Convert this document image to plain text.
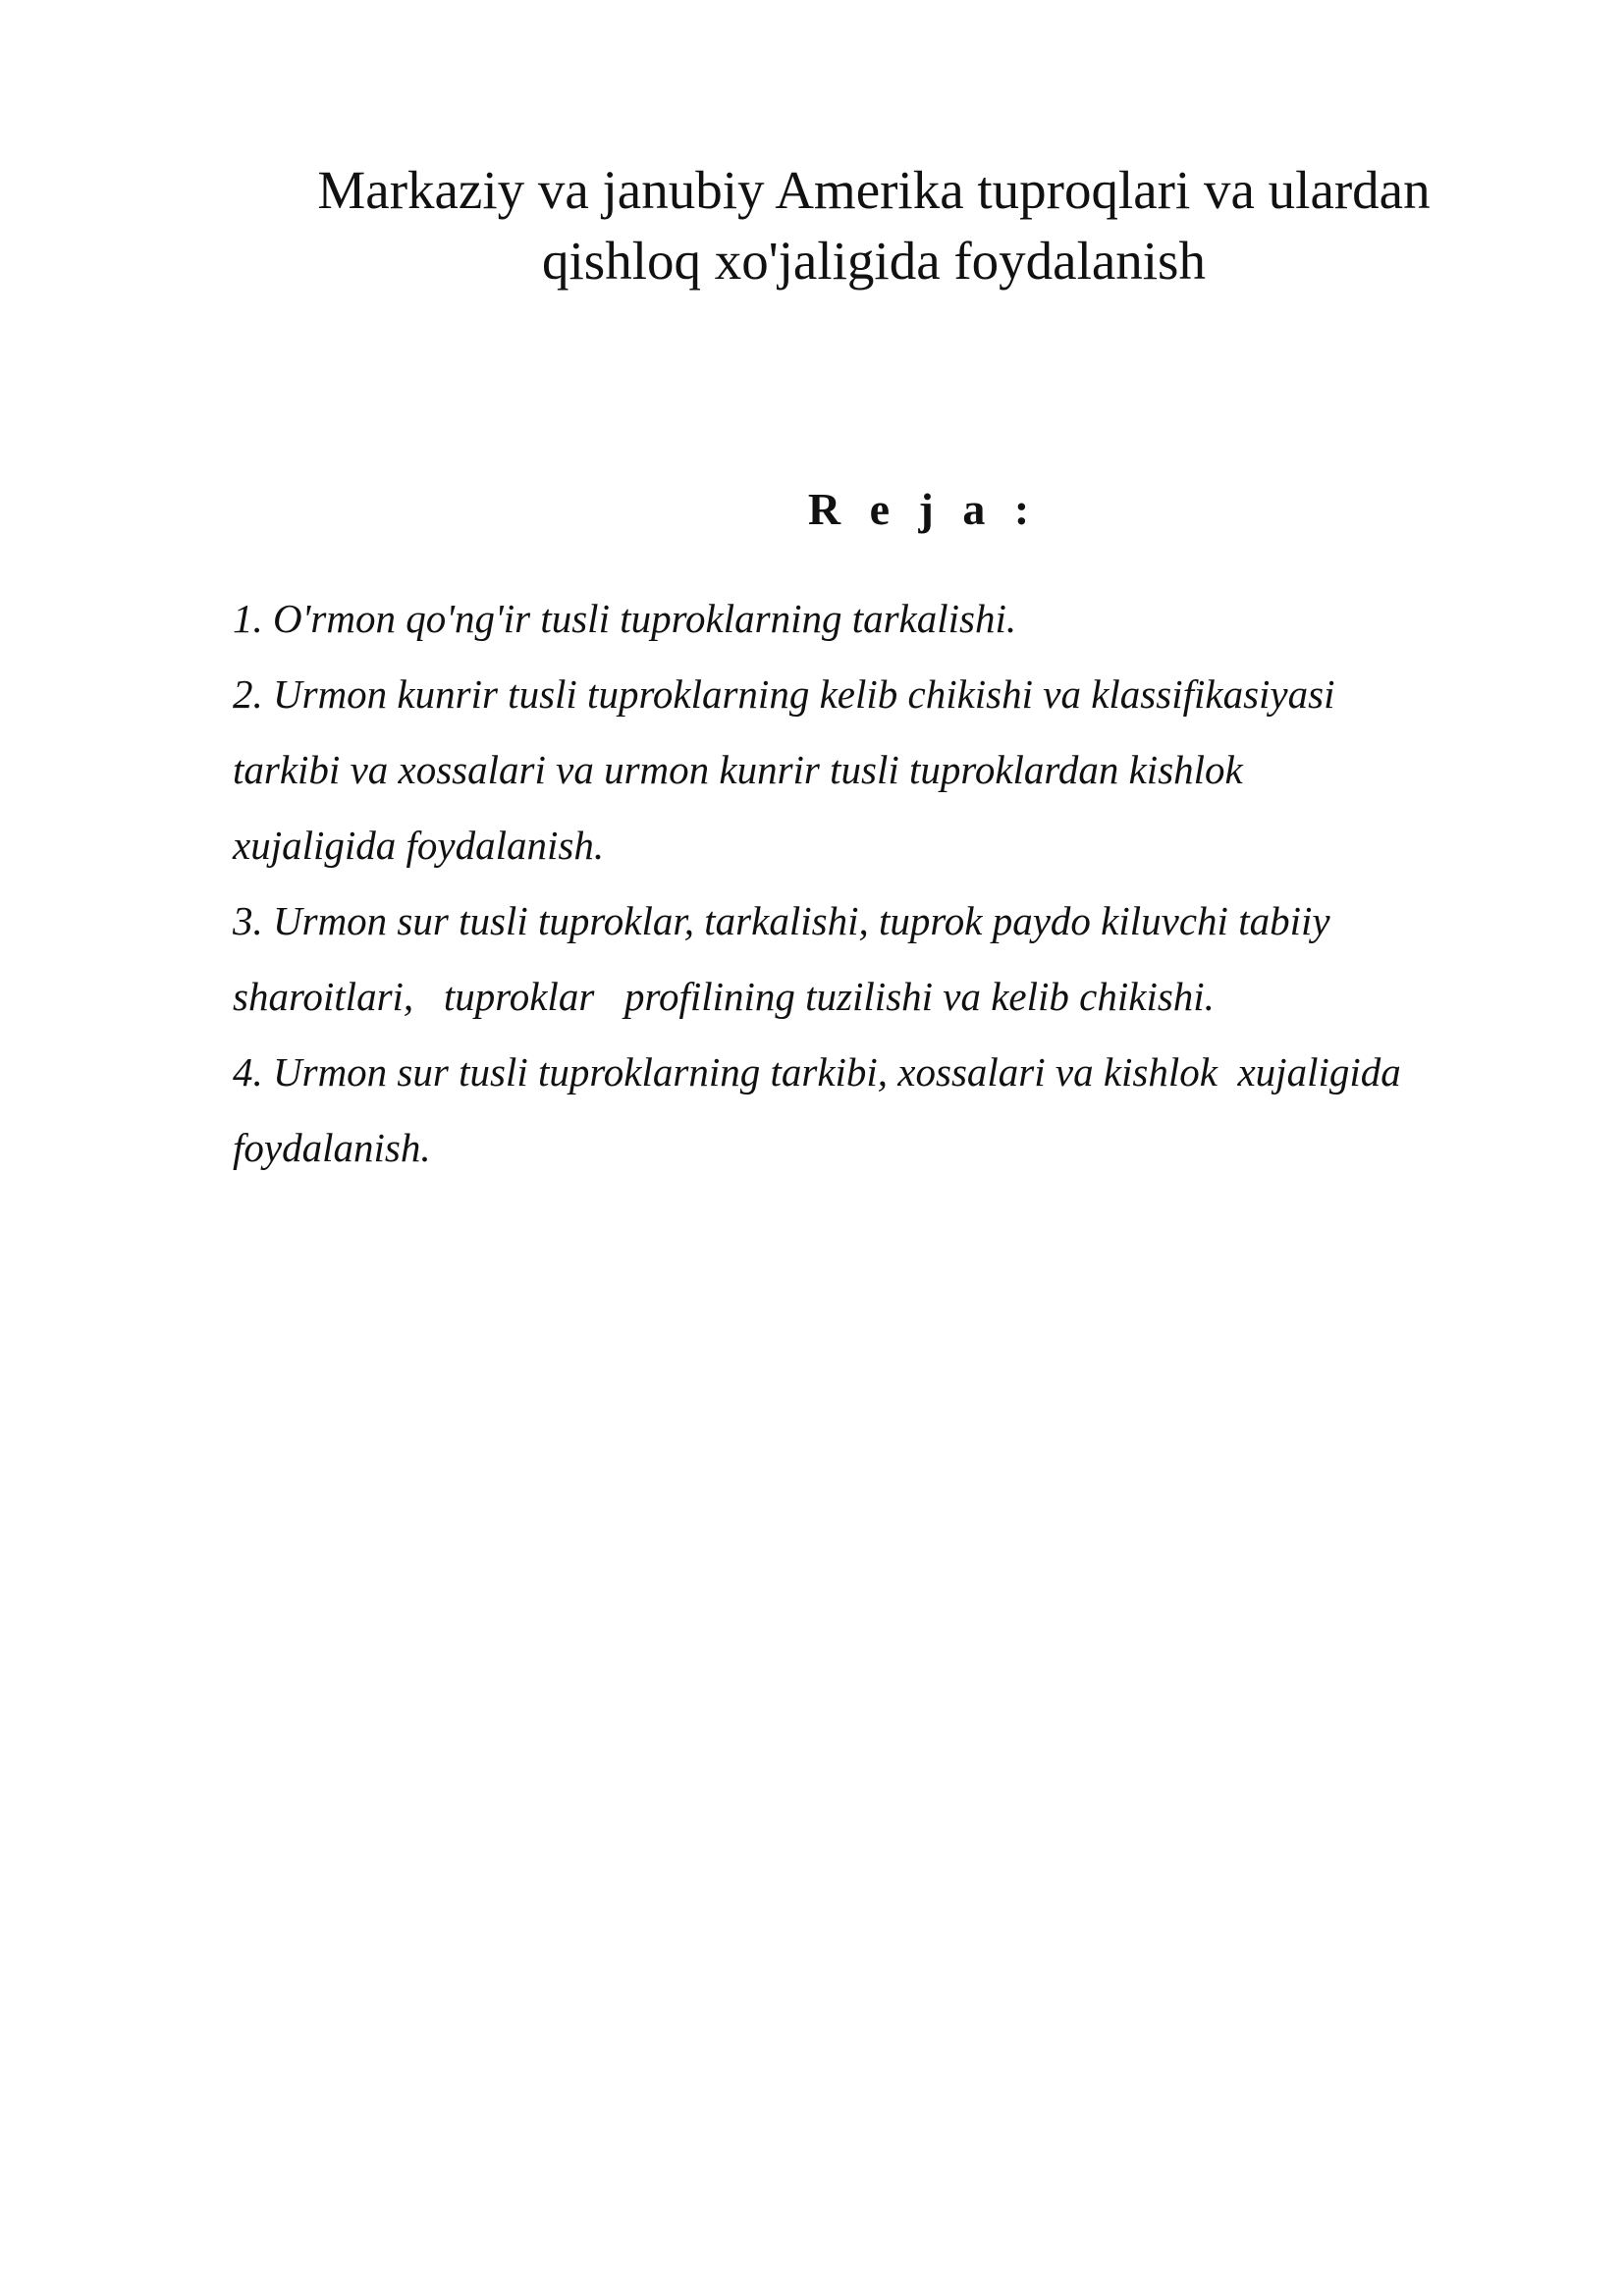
Markaziy va janubiy Amerika tuproqlari va ulardan
qishloq xo'jaligida foydalanish
R e j a :
1. O'rmon qo'ng'ir tusli tuproklarning tarkalishi.
2. Urmon kunrir tusli tuproklarning kelib chikishi va klassifikasiyasi
tarkibi va xossalari va urmon kunrir tusli tuproklardan kishlok
xujaligida foydalanish.
3. Urmon sur tusli tuproklar, tarkalishi, tuprok paydo kiluvchi tabiiy
sharoitlari,   tuproklar   profilining tuzilishi va kelib chikishi.
4. Urmon sur tusli tuproklarning tarkibi, xossalari va kishlok  xujaligida
foydalanish.
